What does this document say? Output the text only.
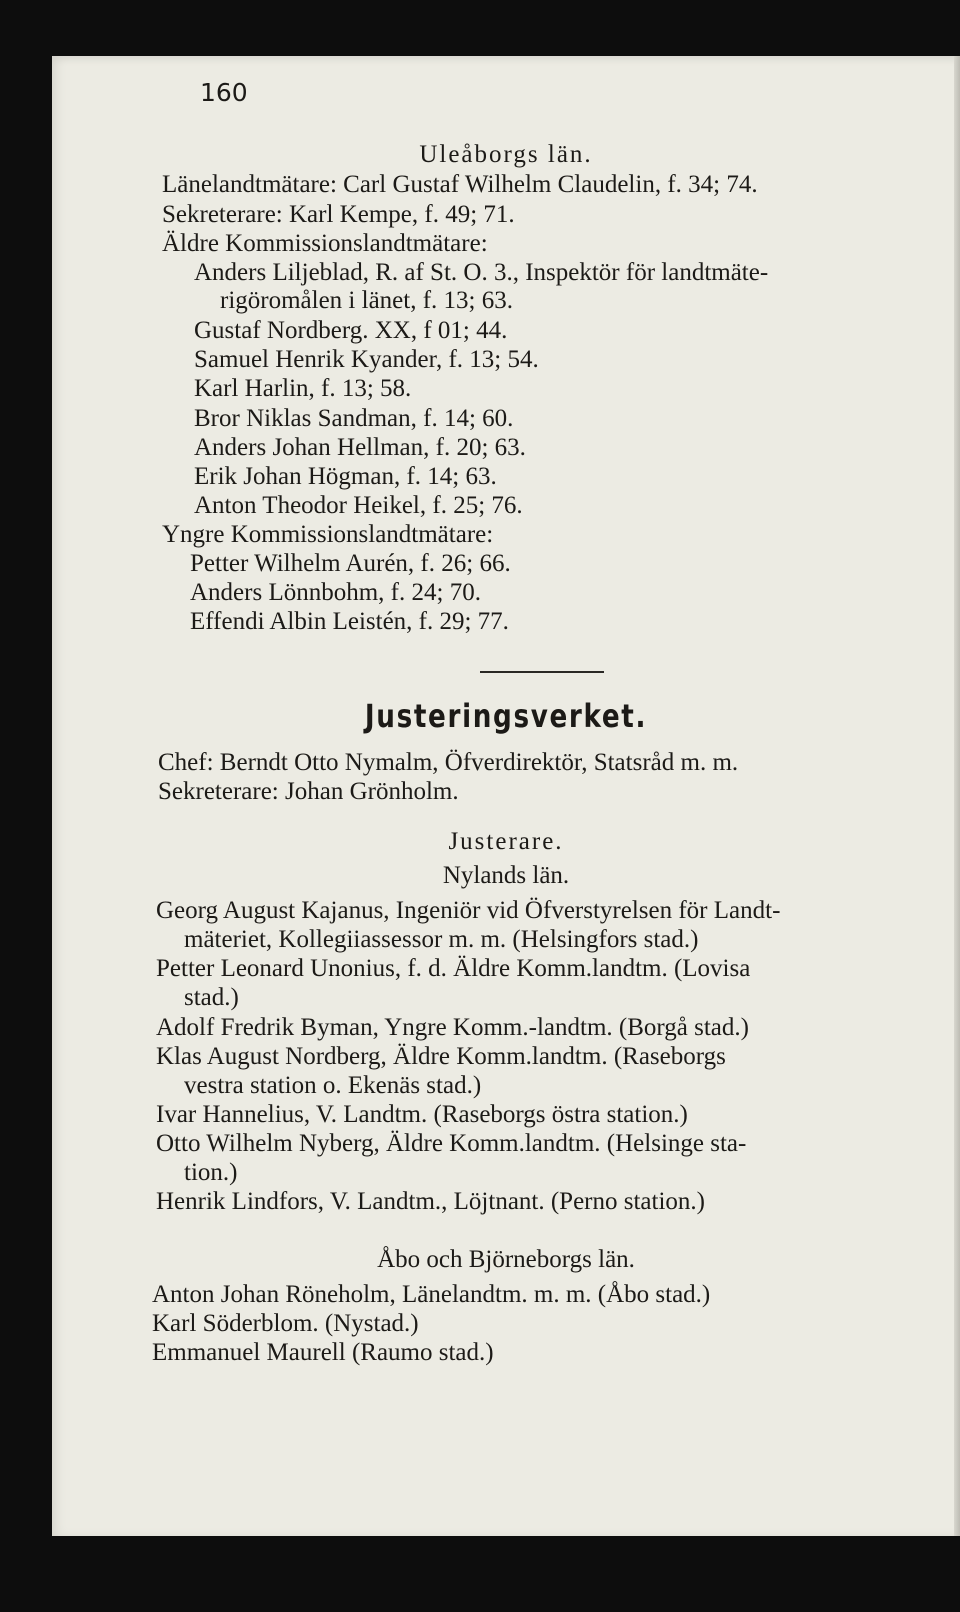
160
Uleåborgs län.
Länelandtmätare: Carl Gustaf Wilhelm Claudelin, f. 34; 74.
Sekreterare: Karl Kempe, f. 49; 71.
Äldre Kommissionslandtmätare:
Anders Liljeblad, R. af St. O. 3., Inspektör för landtmäte-
rigöromålen i länet, f. 13; 63.
Gustaf Nordberg. XX, f 01; 44.
Samuel Henrik Kyander, f. 13; 54.
Karl Harlin, f. 13; 58.
Bror Niklas Sandman, f. 14; 60.
Anders Johan Hellman, f. 20; 63.
Erik Johan Högman, f. 14; 63.
Anton Theodor Heikel, f. 25; 76.
Yngre Kommissionslandtmätare:
Petter Wilhelm Aurén, f. 26; 66.
Anders Lönnbohm, f. 24; 70.
Effendi Albin Leistén, f. 29; 77.
Justeringsverket.
Chef: Berndt Otto Nymalm, Öfverdirektör, Statsråd m. m.
Sekreterare: Johan Grönholm.
Justerare.
Nylands län.
Georg August Kajanus, Ingeniör vid Öfverstyrelsen för Landt-
mäteriet, Kollegiiassessor m. m. (Helsingfors stad.)
Petter Leonard Unonius, f. d. Äldre Komm.landtm. (Lovisa
stad.)
Adolf Fredrik Byman, Yngre Komm.-landtm. (Borgå stad.)
Klas August Nordberg, Äldre Komm.landtm. (Raseborgs
vestra station o. Ekenäs stad.)
Ivar Hannelius, V. Landtm. (Raseborgs östra station.)
Otto Wilhelm Nyberg, Äldre Komm.landtm. (Helsinge sta-
tion.)
Henrik Lindfors, V. Landtm., Löjtnant. (Perno station.)
Åbo och Björneborgs län.
Anton Johan Röneholm, Länelandtm. m. m. (Åbo stad.)
Karl Söderblom. (Nystad.)
Emmanuel Maurell (Raumo stad.)
